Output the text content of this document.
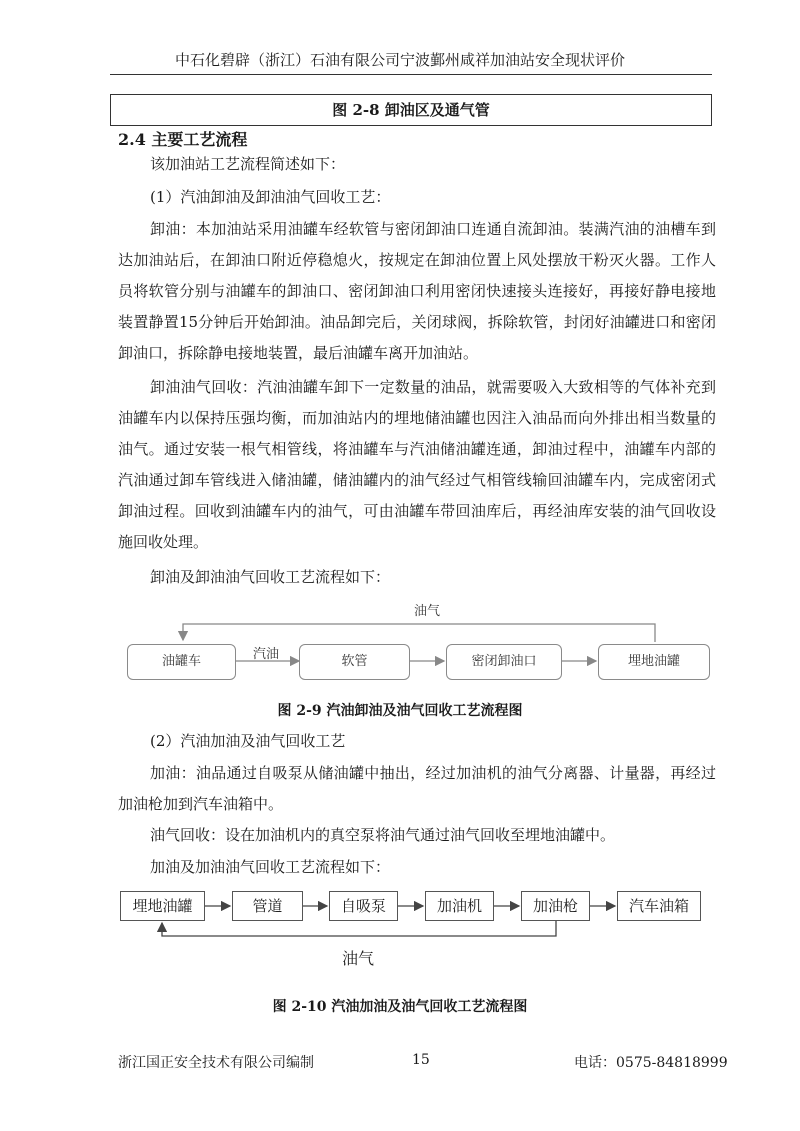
中石化碧辟（浙江）石油有限公司宁波鄞州咸祥加油站安全现状评价
图 2-8 卸油区及通气管
2.4 主要工艺流程
该加油站工艺流程简述如下：
(1）汽油卸油及卸油油气回收工艺：
卸油：本加油站采用油罐车经软管与密闭卸油口连通自流卸油。装满汽油的油槽车到达加油站后，在卸油口附近停稳熄火，按规定在卸油位置上风处摆放干粉灭火器。工作人员将软管分别与油罐车的卸油口、密闭卸油口利用密闭快速接头连接好，再接好静电接地装置静置15分钟后开始卸油。油品卸完后，关闭球阀，拆除软管，封闭好油罐进口和密闭卸油口，拆除静电接地装置，最后油罐车离开加油站。
卸油油气回收：汽油油罐车卸下一定数量的油品，就需要吸入大致相等的气体补充到油罐车内以保持压强均衡，而加油站内的埋地储油罐也因注入油品而向外排出相当数量的油气。通过安装一根气相管线，将油罐车与汽油储油罐连通，卸油过程中，油罐车内部的汽油通过卸车管线进入储油罐，储油罐内的油气经过气相管线输回油罐车内，完成密闭式卸油过程。回收到油罐车内的油气，可由油罐车带回油库后，再经油库安装的油气回收设施回收处理。
卸油及卸油油气回收工艺流程如下：
油气
汽油
油罐车	软管	密闭卸油口	埋地油罐
图 2-9 汽油卸油及油气回收工艺流程图
(2）汽油加油及油气回收工艺
加油：油品通过自吸泵从储油罐中抽出，经过加油机的油气分离器、计量器，再经过加油枪加到汽车油箱中。
油气回收：设在加油机内的真空泵将油气通过油气回收至埋地油罐中。
加油及加油油气回收工艺流程如下：
埋地油罐	管道	自吸泵	加油机	加油枪	汽车油箱
油气
图 2-10 汽油加油及油气回收工艺流程图
浙江国正安全技术有限公司编制	15	电话：0575-84818999
